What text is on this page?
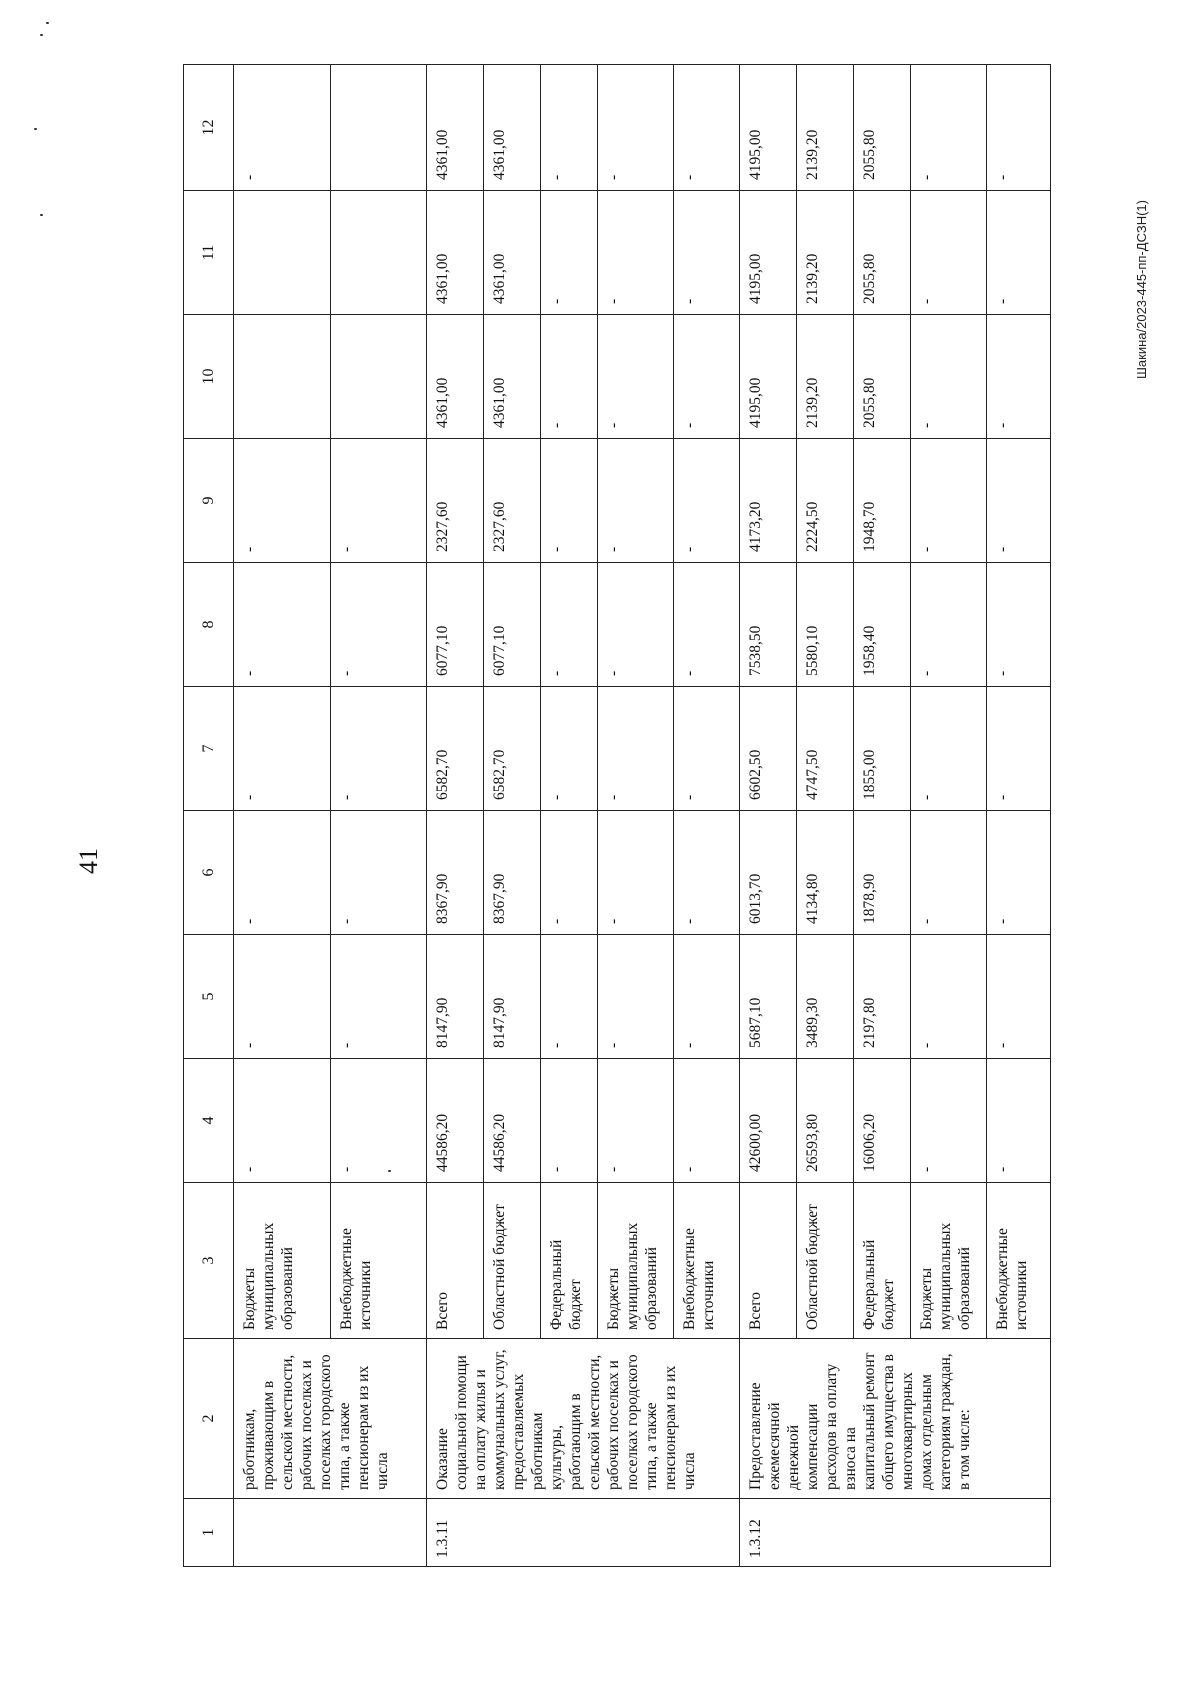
41
1	2	3	4	5	6	7	8	9	10	11	12
	работникам, проживающим в сельской местности, рабочих поселках и поселках городского типа, а также пенсионерам из их числа	Бюджеты муниципальных образований	-	-	-	-	-	-			-
		Внебюджетные источники	-	-	-	-	-	-			
1.3.11	Оказание социальной помощи на оплату жилья и коммунальных услуг, предоставляемых работникам культуры, работающим в сельской местности, рабочих поселках и поселках городского типа, а также пенсионерам из их числа	Всего	44586,20	8147,90	8367,90	6582,70	6077,10	2327,60	4361,00	4361,00	4361,00
		Областной бюджет	44586,20	8147,90	8367,90	6582,70	6077,10	2327,60	4361,00	4361,00	4361,00
		Федеральный бюджет	-	-	-	-	-	-	-	-	-
		Бюджеты муниципальных образований	-	-	-	-	-	-	-	-	-
		Внебюджетные источники	-	-	-	-	-	-	-	-	-
1.3.12	Предоставление ежемесячной денежной компенсации расходов на оплату взноса на капитальный ремонт общего имущества в многоквартирных домах отдельным категориям граждан, в том числе:	Всего	42600,00	5687,10	6013,70	6602,50	7538,50	4173,20	4195,00	4195,00	4195,00
		Областной бюджет	26593,80	3489,30	4134,80	4747,50	5580,10	2224,50	2139,20	2139,20	2139,20
		Федеральный бюджет	16006,20	2197,80	1878,90	1855,00	1958,40	1948,70	2055,80	2055,80	2055,80
		Бюджеты муниципальных образований	-	-	-	-	-	-	-	-	-
		Внебюджетные источники	-	-	-	-	-	-	-	-	-
Шакина/2023-445-пп-ДСЗН(1)
